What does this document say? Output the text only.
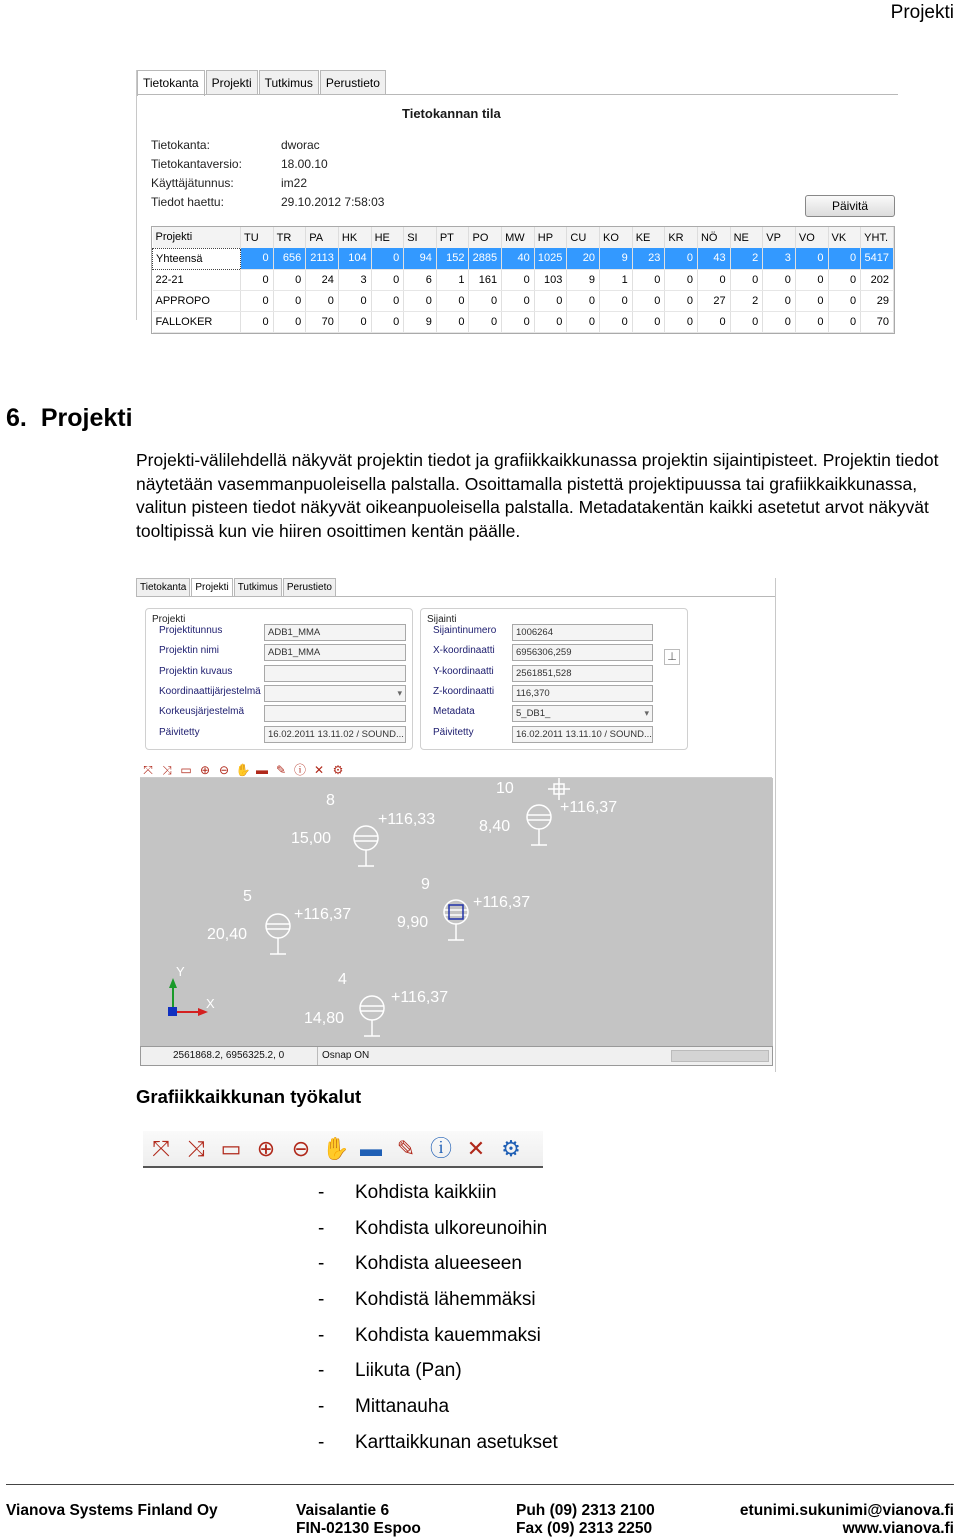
Projekti
Tietokanta	Projekti	Tutkimus	Perustieto
Tietokannan tila
Tietokanta:	dworac
Tietokantaversio:	18.00.10
Käyttäjätunnus:	im22
Tiedot haettu:	29.10.2012 7:58:03	Päivitä
Projekti	TU	TR	PA	HK	HE	SI	PT	PO	MW	HP	CU	KO	KE	KR	NÖ	NE	VP	VO	VK	YHT.
Yhteensä	0	656	2113	104	0	94	152	2885	40	1025	20	9	23	0	43	2	3	0	0	5417
22-21	0	0	24	3	0	6	1	161	0	103	9	1	0	0	0	0	0	0	0	202
APPROPO	0	0	0	0	0	0	0	0	0	0	0	0	0	0	27	2	0	0	0	29
FALLOKER	0	0	70	0	0	9	0	0	0	0	0	0	0	0	0	0	0	0	0	70
6. Projekti
Projekti-välilehdellä näkyvät projektin tiedot ja grafiikkaikkunassa projektin sijaintipisteet. Projektin tiedot näytetään vasemmanpuoleisella palstalla. Osoittamalla pistettä projektipuussa tai grafiikkaikkunassa, valitun pisteen tiedot näkyvät oikeanpuoleisella palstalla. Metadatakentän kaikki asetetut arvot näkyvät tooltipissä kun vie hiiren osoittimen kentän päälle.
Tietokanta Projekti Tutkimus Perustieto
Projekti
Projektitunnus	ADB1_MMA
Projektin nimi	ADB1_MMA
Projektin kuvaus
Koordinaattijärjestelmä
▾
Korkeusjärjestelmä
Päivitetty	16.02.2011 13.11.02 / SOUND...
Sijainti
Sijaintinumero	1006264
X-koordinaatti	6956306,259
Y-koordinaatti	2561851,528
Z-koordinaatti	116,370
Metadata	5_DB1_ ▾
Päivitetty	16.02.2011 13.11.10 / SOUND...
⊥
⤧ ⤨ ▭ ⊕ ⊖ ✋ ▬ ✎ ⓘ ✕ ⚙
8
15,00
+116,33
10
8,40
+116,37
5
20,40
+116,37
9
9,90
+116,37
4
14,80
+116,37
Y
X
2561868.2, 6956325.2, 0	Osnap ON
Grafiikkaikkunan työkalut
⤧ ⤨ ▭ ⊕ ⊖ ✋ ▬ ✎ ⓘ ✕ ⚙
- Kohdista kaikkiin
- Kohdista ulkoreunoihin
- Kohdista alueeseen
- Kohdistä lähemmäksi
- Kohdista kauemmaksi
- Liikuta (Pan)
- Mittanauha
- Karttaikkunan asetukset
Vianova Systems Finland Oy	Vaisalantie 6
FIN-02130 Espoo
Puh (09) 2313 2100
Fax (09) 2313 2250
etunimi.sukunimi@vianova.fi
www.vianova.fi
